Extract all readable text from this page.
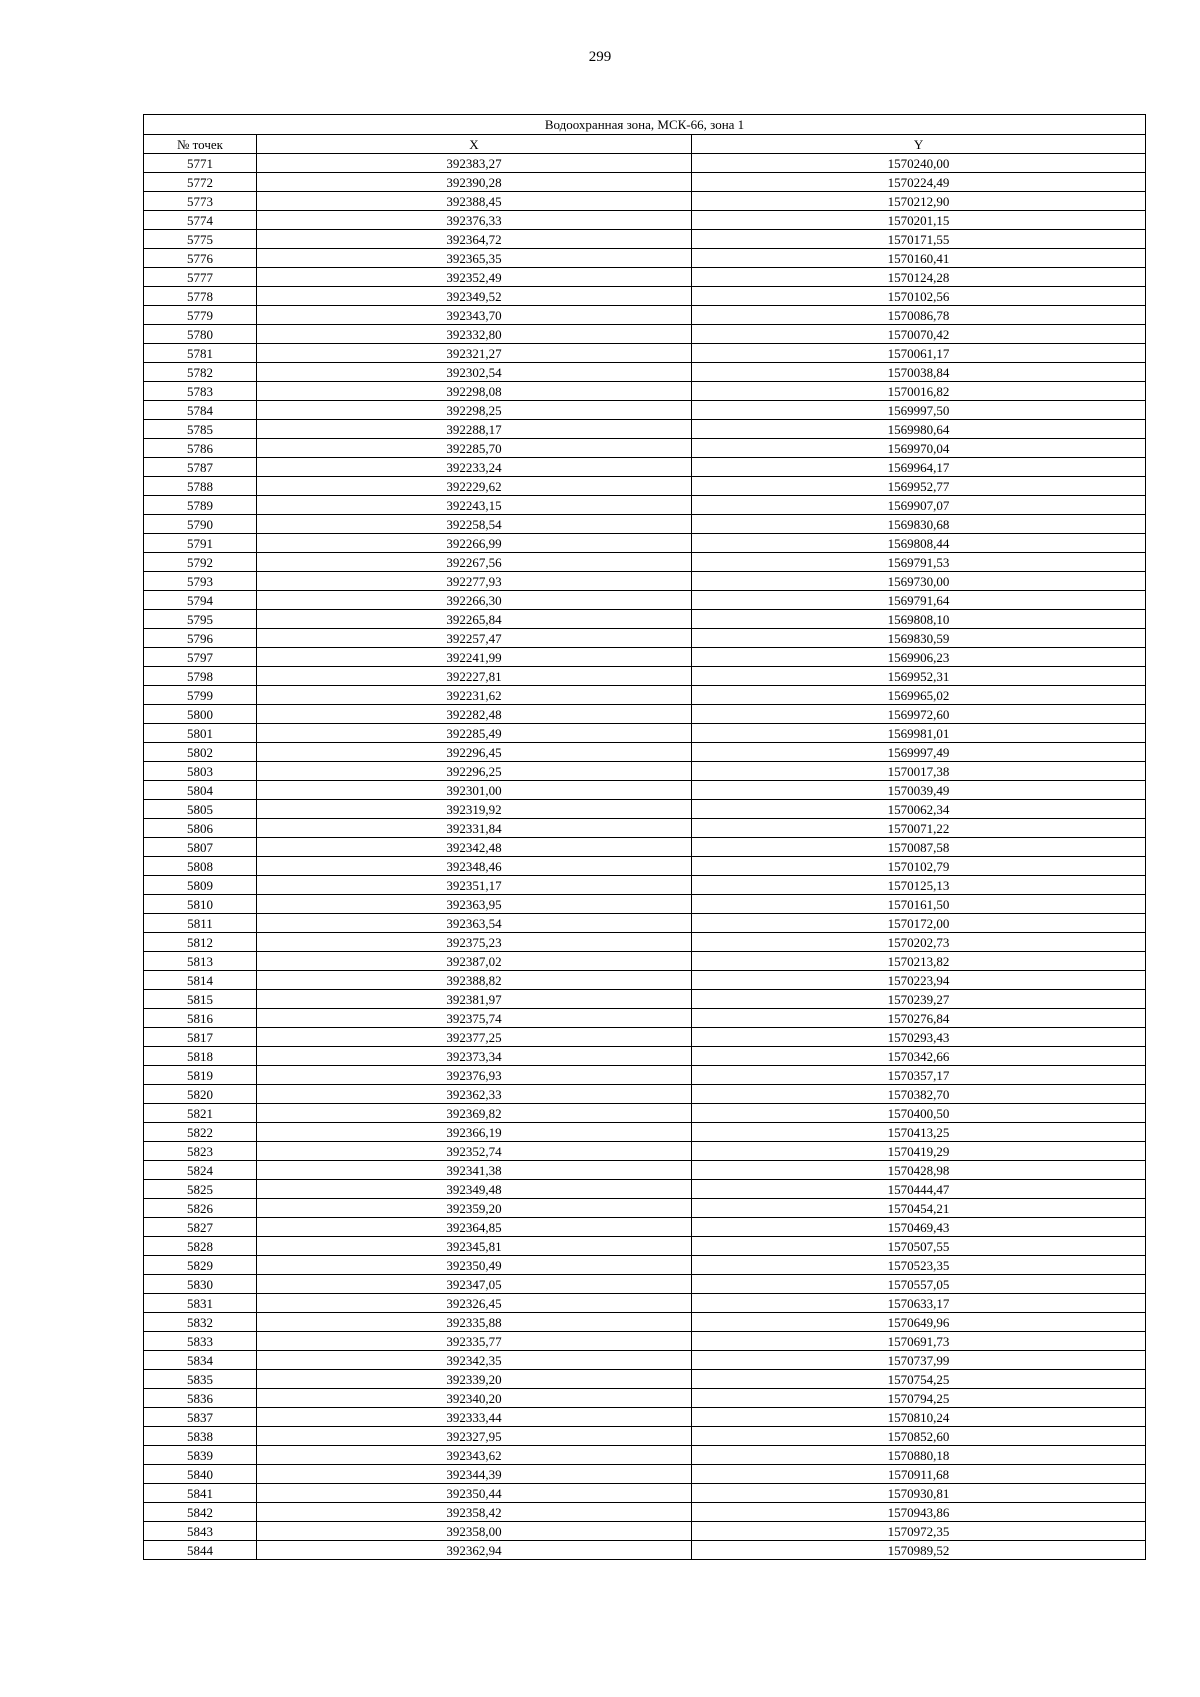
299
Водоохранная зона, МСК-66, зона 1		
№ точек	X	Y
5771	392383,27	1570240,00
5772	392390,28	1570224,49
5773	392388,45	1570212,90
5774	392376,33	1570201,15
5775	392364,72	1570171,55
5776	392365,35	1570160,41
5777	392352,49	1570124,28
5778	392349,52	1570102,56
5779	392343,70	1570086,78
5780	392332,80	1570070,42
5781	392321,27	1570061,17
5782	392302,54	1570038,84
5783	392298,08	1570016,82
5784	392298,25	1569997,50
5785	392288,17	1569980,64
5786	392285,70	1569970,04
5787	392233,24	1569964,17
5788	392229,62	1569952,77
5789	392243,15	1569907,07
5790	392258,54	1569830,68
5791	392266,99	1569808,44
5792	392267,56	1569791,53
5793	392277,93	1569730,00
5794	392266,30	1569791,64
5795	392265,84	1569808,10
5796	392257,47	1569830,59
5797	392241,99	1569906,23
5798	392227,81	1569952,31
5799	392231,62	1569965,02
5800	392282,48	1569972,60
5801	392285,49	1569981,01
5802	392296,45	1569997,49
5803	392296,25	1570017,38
5804	392301,00	1570039,49
5805	392319,92	1570062,34
5806	392331,84	1570071,22
5807	392342,48	1570087,58
5808	392348,46	1570102,79
5809	392351,17	1570125,13
5810	392363,95	1570161,50
5811	392363,54	1570172,00
5812	392375,23	1570202,73
5813	392387,02	1570213,82
5814	392388,82	1570223,94
5815	392381,97	1570239,27
5816	392375,74	1570276,84
5817	392377,25	1570293,43
5818	392373,34	1570342,66
5819	392376,93	1570357,17
5820	392362,33	1570382,70
5821	392369,82	1570400,50
5822	392366,19	1570413,25
5823	392352,74	1570419,29
5824	392341,38	1570428,98
5825	392349,48	1570444,47
5826	392359,20	1570454,21
5827	392364,85	1570469,43
5828	392345,81	1570507,55
5829	392350,49	1570523,35
5830	392347,05	1570557,05
5831	392326,45	1570633,17
5832	392335,88	1570649,96
5833	392335,77	1570691,73
5834	392342,35	1570737,99
5835	392339,20	1570754,25
5836	392340,20	1570794,25
5837	392333,44	1570810,24
5838	392327,95	1570852,60
5839	392343,62	1570880,18
5840	392344,39	1570911,68
5841	392350,44	1570930,81
5842	392358,42	1570943,86
5843	392358,00	1570972,35
5844	392362,94	1570989,52
